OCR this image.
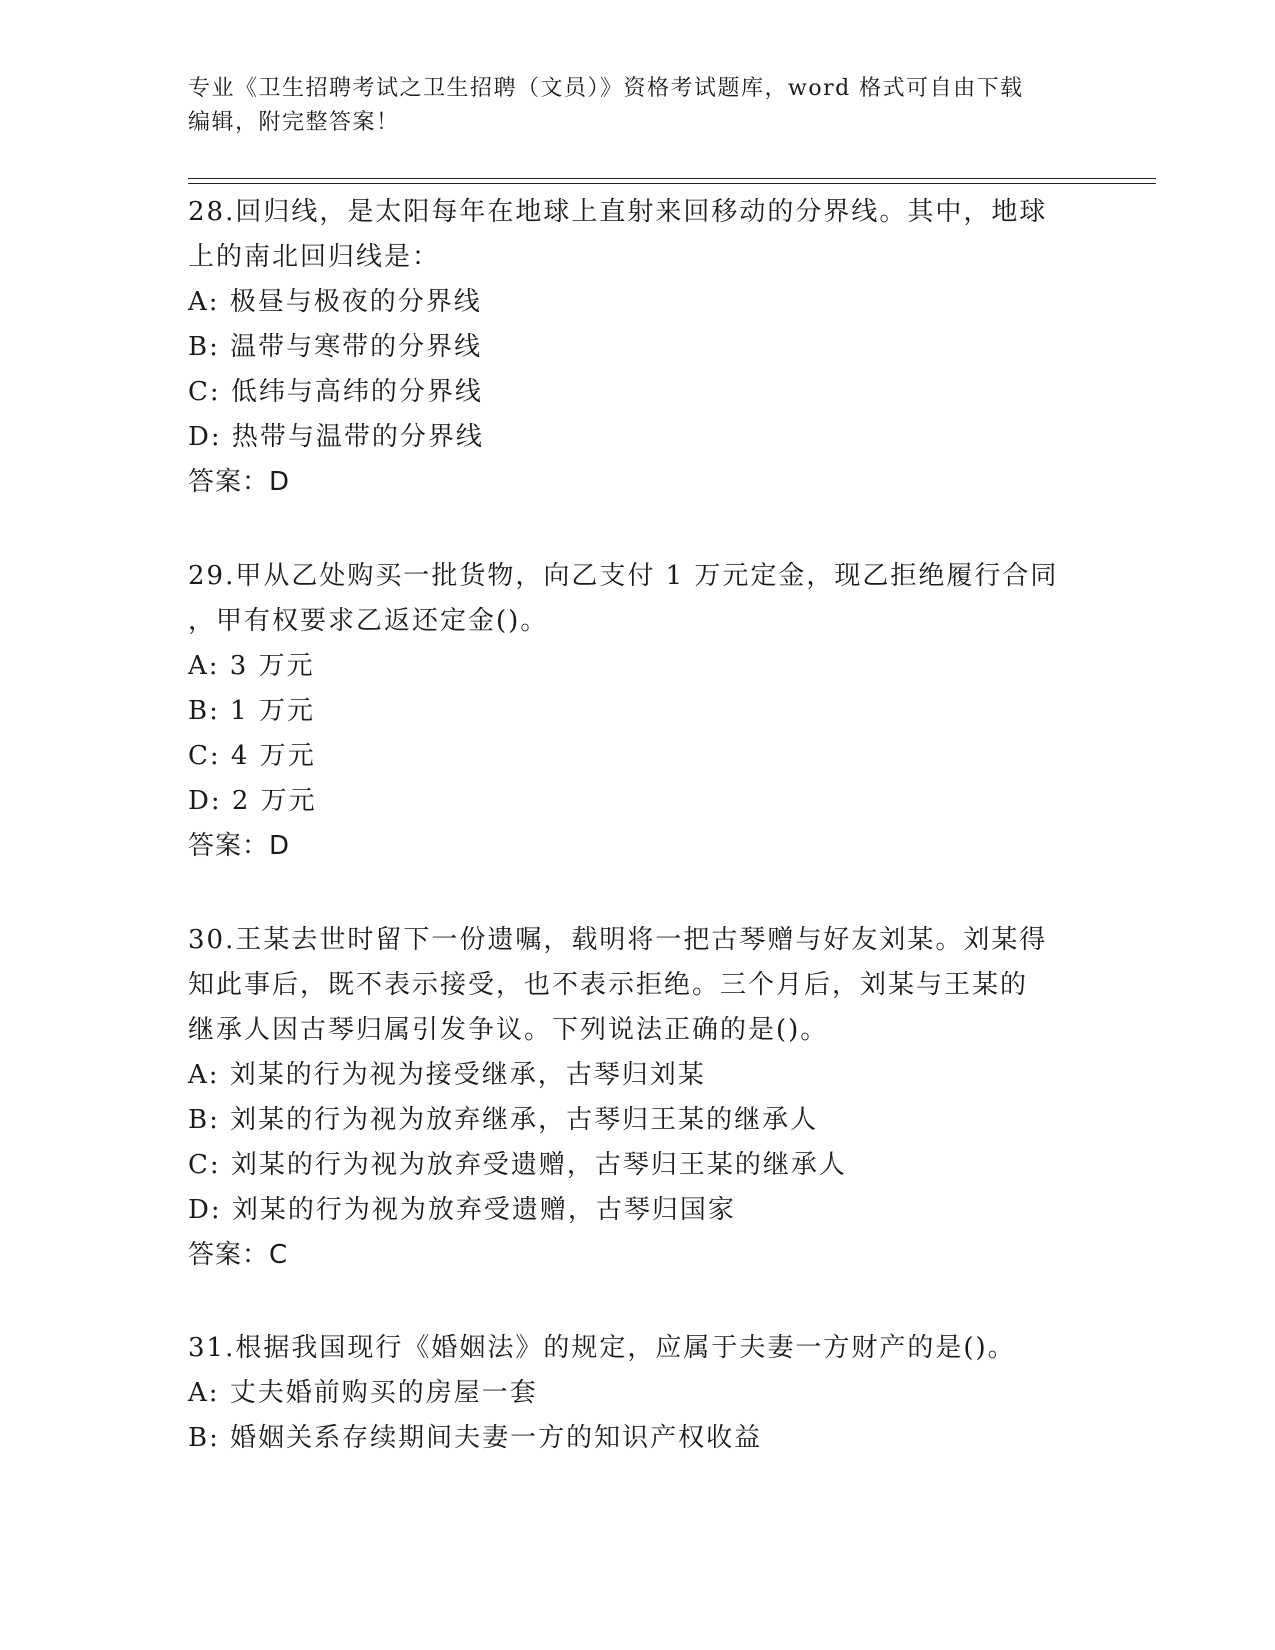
专业《卫生招聘考试之卫生招聘（文员）》资格考试题库，word 格式可自由下载
编辑，附完整答案！
28.回归线，是太阳每年在地球上直射来回移动的分界线。其中，地球
上的南北回归线是：
A: 极昼与极夜的分界线
B: 温带与寒带的分界线
C: 低纬与高纬的分界线
D: 热带与温带的分界线
答案：D
29.甲从乙处购买一批货物，向乙支付 1 万元定金，现乙拒绝履行合同
，甲有权要求乙返还定金()。
A: 3 万元
B: 1 万元
C: 4 万元
D: 2 万元
答案：D
30.王某去世时留下一份遗嘱，载明将一把古琴赠与好友刘某。刘某得
知此事后，既不表示接受，也不表示拒绝。三个月后，刘某与王某的
继承人因古琴归属引发争议。下列说法正确的是()。
A: 刘某的行为视为接受继承，古琴归刘某
B: 刘某的行为视为放弃继承，古琴归王某的继承人
C: 刘某的行为视为放弃受遗赠，古琴归王某的继承人
D: 刘某的行为视为放弃受遗赠，古琴归国家
答案：C
31.根据我国现行《婚姻法》的规定，应属于夫妻一方财产的是()。
A: 丈夫婚前购买的房屋一套
B: 婚姻关系存续期间夫妻一方的知识产权收益
